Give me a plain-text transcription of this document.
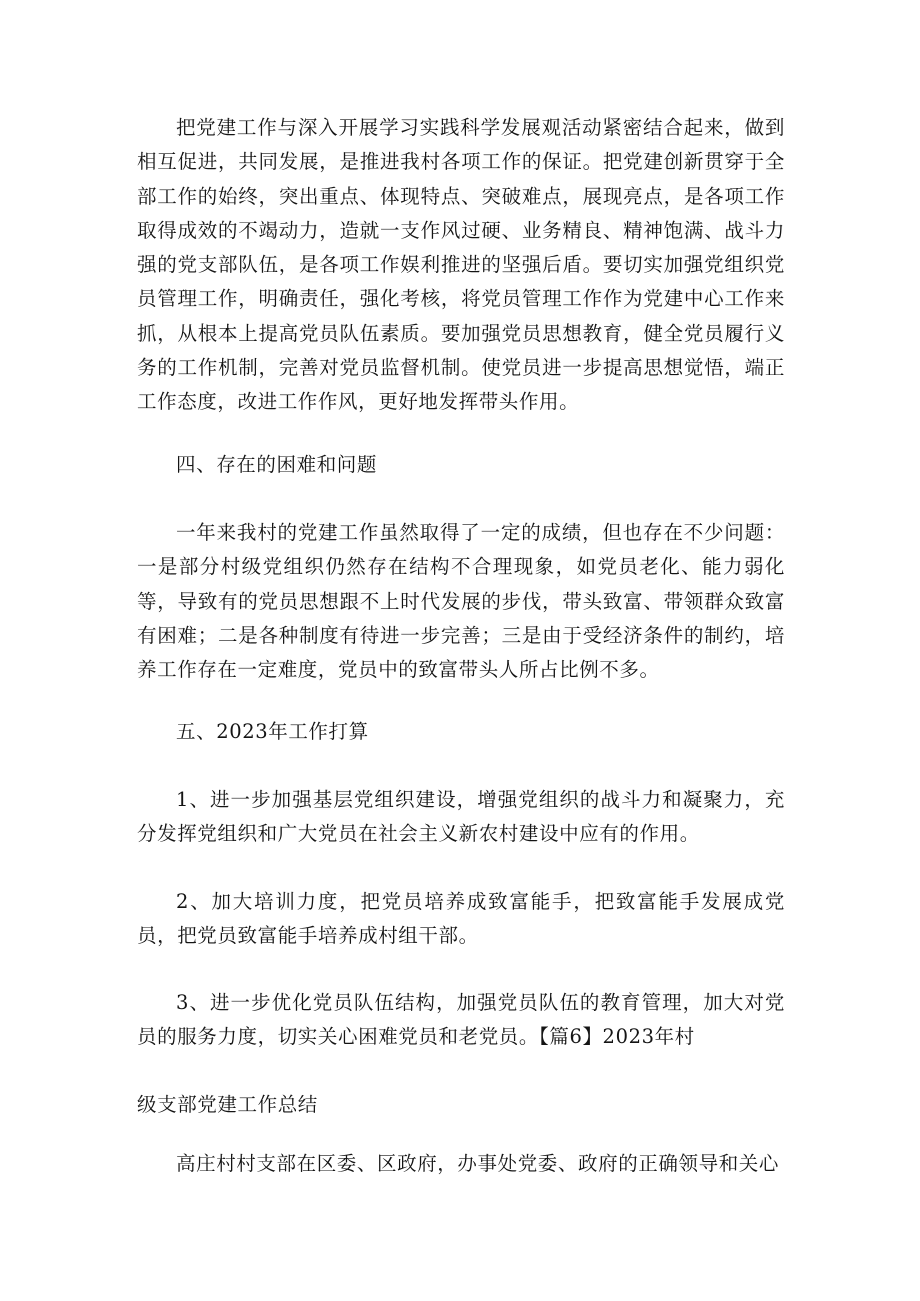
把党建工作与深入开展学习实践科学发展观活动紧密结合起来，做到相互促进，共同发展，是推进我村各项工作的保证。把党建创新贯穿于全部工作的始终，突出重点、体现特点、突破难点，展现亮点，是各项工作取得成效的不竭动力，造就一支作风过硬、业务精良、精神饱满、战斗力强的党支部队伍，是各项工作娱利推进的坚强后盾。要切实加强党组织党员管理工作，明确责任，强化考核，将党员管理工作作为党建中心工作来抓，从根本上提高党员队伍素质。要加强党员思想教育，健全党员履行义务的工作机制，完善对党员监督机制。使党员进一步提高思想觉悟，端正工作态度，改进工作作风，更好地发挥带头作用。

四、存在的困难和问题

一年来我村的党建工作虽然取得了一定的成绩，但也存在不少问题：一是部分村级党组织仍然存在结构不合理现象，如党员老化、能力弱化等，导致有的党员思想跟不上时代发展的步伐，带头致富、带领群众致富有困难；二是各种制度有待进一步完善；三是由于受经济条件的制约，培养工作存在一定难度，党员中的致富带头人所占比例不多。

五、2023年工作打算

1、进一步加强基层党组织建设，增强党组织的战斗力和凝聚力，充分发挥党组织和广大党员在社会主义新农村建设中应有的作用。

2、加大培训力度，把党员培养成致富能手，把致富能手发展成党员，把党员致富能手培养成村组干部。

3、进一步优化党员队伍结构，加强党员队伍的教育管理，加大对党员的服务力度，切实关心困难党员和老党员。【篇6】2023年村

级支部党建工作总结

高庄村村支部在区委、区政府，办事处党委、政府的正确领导和关心
